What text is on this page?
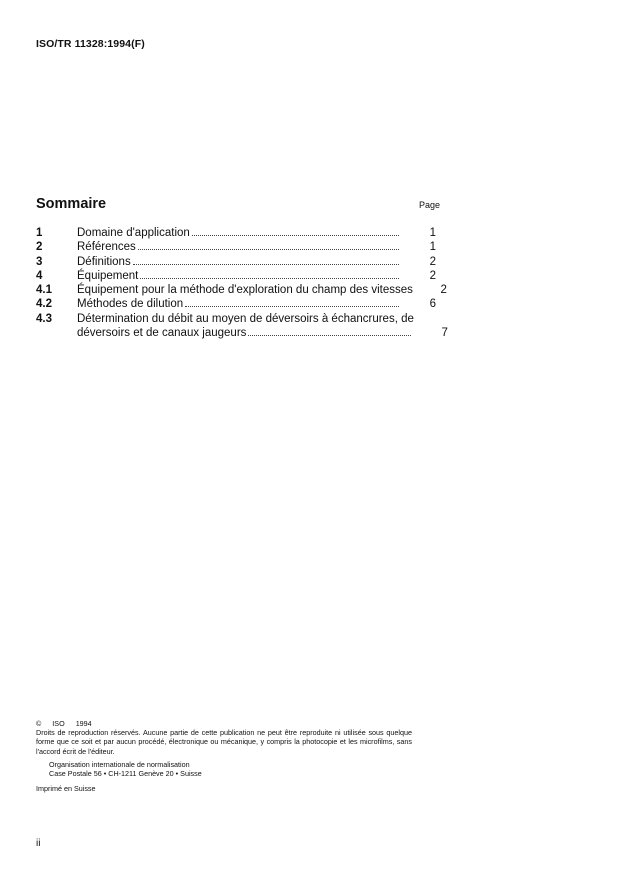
ISO/TR 11328:1994(F)
Sommaire	Page
1	Domaine d'application	1
2	Références	1
3	Définitions	2
4	Équipement	2
4.1	Équipement pour la méthode d'exploration du champ des vitesses	2
4.2	Méthodes de dilution	6
4.3	Détermination du débit au moyen de déversoirs à échancrures, de
déversoirs et de canaux jaugeurs	7
© ISO 1994
Droits de reproduction réservés. Aucune partie de cette publication ne peut être reproduite ni utilisée sous quelque forme que ce soit et par aucun procédé, électronique ou mécanique, y compris la photocopie et les microfilms, sans l'accord écrit de l'éditeur.
Organisation internationale de normalisation
Case Postale 56 • CH-1211 Genève 20 • Suisse
Imprimé en Suisse
ii
